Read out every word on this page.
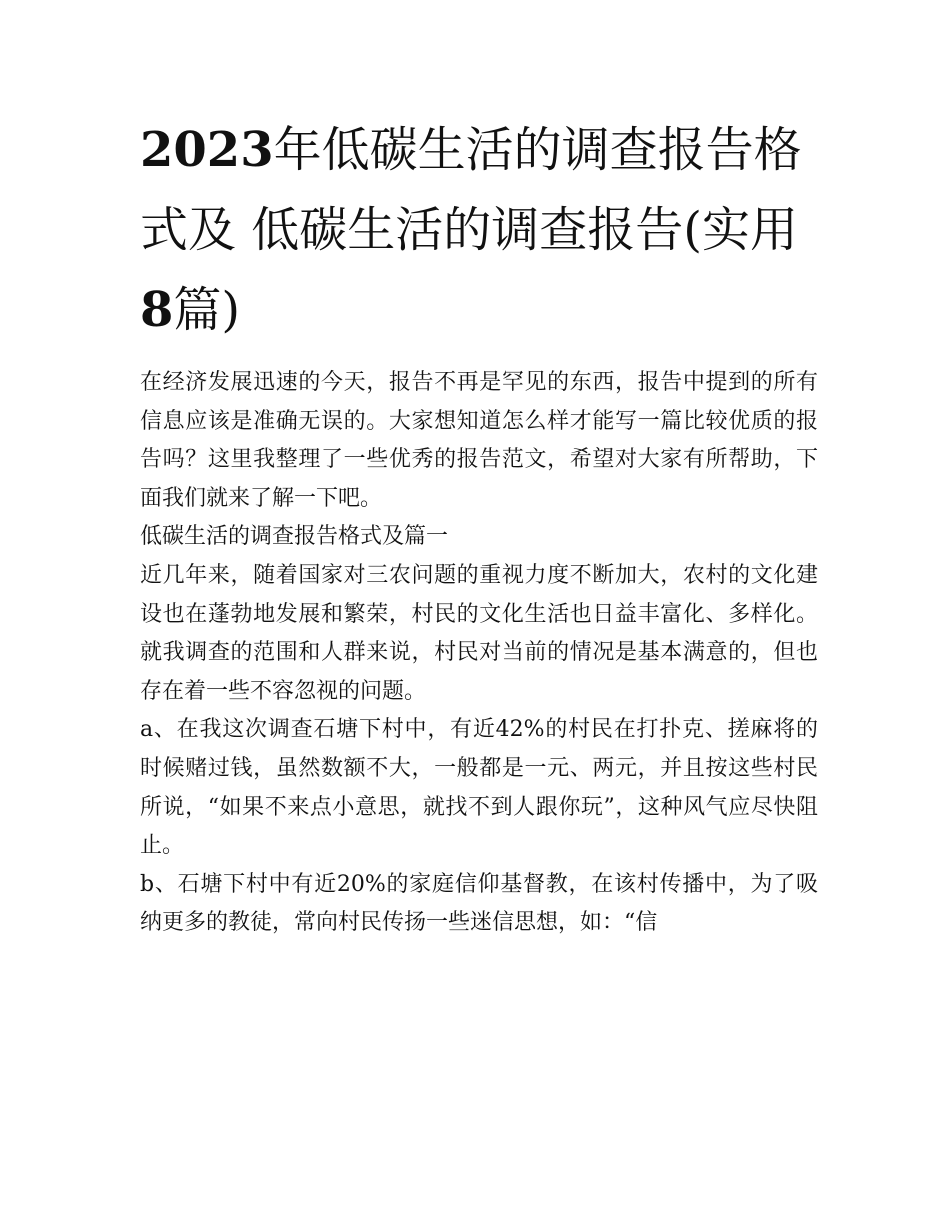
2023年低碳生活的调查报告格式及 低碳生活的调查报告(实用8篇)

在经济发展迅速的今天，报告不再是罕见的东西，报告中提到的所有信息应该是准确无误的。大家想知道怎么样才能写一篇比较优质的报告吗？这里我整理了一些优秀的报告范文，希望对大家有所帮助，下面我们就来了解一下吧。

低碳生活的调查报告格式及篇一

近几年来，随着国家对三农问题的重视力度不断加大，农村的文化建设也在蓬勃地发展和繁荣，村民的文化生活也日益丰富化、多样化。就我调查的范围和人群来说，村民对当前的情况是基本满意的，但也存在着一些不容忽视的问题。

a、在我这次调查石塘下村中，有近42%的村民在打扑克、搓麻将的时候赌过钱，虽然数额不大，一般都是一元、两元，并且按这些村民所说，“如果不来点小意思，就找不到人跟你玩”，这种风气应尽快阻止。

b、石塘下村中有近20%的家庭信仰基督教，在该村传播中，为了吸纳更多的教徒，常向村民传扬一些迷信思想，如：“信
